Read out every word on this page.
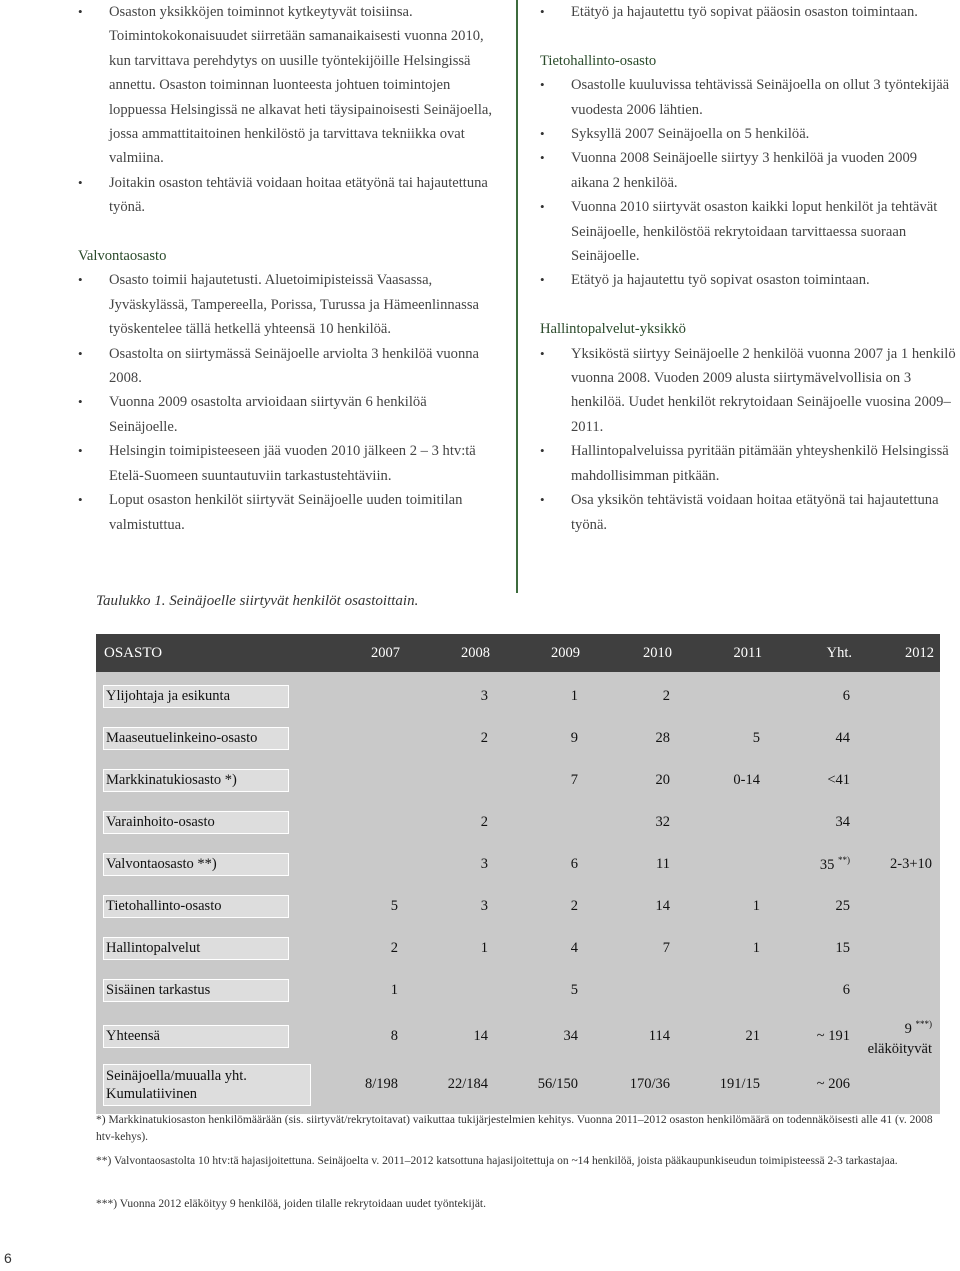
• Osaston yksikköjen toiminnot kytkeytyvät toisiinsa. Toimintokokonaisuudet siirretään samanaikaisesti vuonna 2010, kun tarvittava perehdytys on uusille työntekijöille Helsingissä annettu. Osaston toiminnan luonteesta johtuen toimintojen loppuessa Helsingissä ne alkavat heti täysipainoisesti Seinäjoella, jossa ammattitaitoinen henkilöstö ja tarvittava tekniikka ovat valmiina.
• Joitakin osaston tehtäviä voidaan hoitaa etätyönä tai hajautettuna työnä.
Valvontaosasto
• Osasto toimii hajautetusti. Aluetoimipisteissä Vaasassa, Jyväskylässä, Tampereella, Porissa, Turussa ja Hämeenlinnassa työskentelee tällä hetkellä yhteensä 10 henkilöä.
• Osastolta on siirtymässä Seinäjoelle arviolta 3 henkilöä vuonna 2008.
• Vuonna 2009 osastolta arvioidaan siirtyvän 6 henkilöä Seinäjoelle.
• Helsingin toimipisteeseen jää vuoden 2010 jälkeen 2 – 3 htv:tä Etelä-Suomeen suuntautuviin tarkastustehtäviin.
• Loput osaston henkilöt siirtyvät Seinäjoelle uuden toimitilan valmistuttua.
• Etätyö ja hajautettu työ sopivat pääosin osaston toimintaan.
Tietohallinto-osasto
• Osastolle kuuluvissa tehtävissä Seinäjoella on ollut 3 työntekijää vuodesta 2006 lähtien.
• Syksyllä 2007 Seinäjoella on 5 henkilöä.
• Vuonna 2008 Seinäjoelle siirtyy 3 henkilöä ja vuoden 2009 aikana 2 henkilöä.
• Vuonna 2010 siirtyvät osaston kaikki loput henkilöt ja tehtävät Seinäjoelle, henkilöstöä rekrytoidaan tarvittaessa suoraan Seinäjoelle.
• Etätyö ja hajautettu työ sopivat osaston toimintaan.
Hallintopalvelut-yksikkö
• Yksiköstä siirtyy Seinäjoelle 2 henkilöä vuonna 2007 ja 1 henkilö vuonna 2008. Vuoden 2009 alusta siirtymävelvollisia on 3 henkilöä. Uudet henkilöt rekrytoidaan Seinäjoelle vuosina 2009–2011.
• Hallintopalveluissa pyritään pitämään yhteyshenkilö Helsingissä mahdollisimman pitkään.
• Osa yksikön tehtävistä voidaan hoitaa etätyönä tai hajautettuna työnä.
Taulukko 1. Seinäjoelle siirtyvät henkilöt osastoittain.
OSASTO	2007	2008	2009	2010	2011	Yht.	2012
Ylijohtaja ja esikunta		3	1	2		6	
Maaseutuelinkeino-osasto		2	9	28	5	44	
Markkinatukiosasto *)			7	20	0-14	<41	
Varainhoito-osasto		2		32		34	
Valvontaosasto **)		3	6	11		35 **)	2-3+10
Tietohallinto-osasto	5	3	2	14	1	25	
Hallintopalvelut	2	1	4	7	1	15	
Sisäinen tarkastus	1		5			6	
Yhteensä	8	14	34	114	21	~ 191	9 ***)
eläköityvät
Seinäjoella/muualla yht. Kumulatiivinen	8/198	22/184	56/150	170/36	191/15	~ 206	
*) Markkinatukiosaston henkilömäärään (sis. siirtyvät/rekrytoitavat) vaikuttaa tukijärjestelmien kehitys. Vuonna 2011–2012 osaston henkilömäärä on todennäköisesti alle 41 (v. 2008 htv-kehys).
**) Valvontaosastolta 10 htv:tä hajasijoitettuna. Seinäjoelta v. 2011–2012 katsottuna hajasijoitettuja on ~14 henkilöä, joista pääkaupunkiseudun toimipisteessä 2-3 tarkastajaa.
***) Vuonna 2012 eläköityy 9 henkilöä, joiden tilalle rekrytoidaan uudet työntekijät.
6
